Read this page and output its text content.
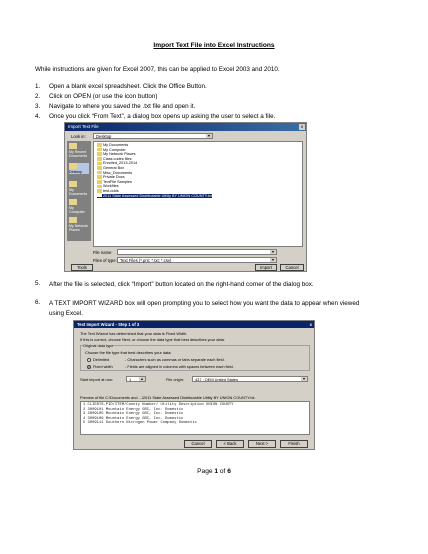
Import Text File into Excel Instructions
While instructions are given for Excel 2007, this can be applied to Excel 2003 and 2010.
1. Open a blank excel spreadsheet. Click the Office Button.
2. Click on OPEN (or use the icon button)
3. Navigate to where you saved the .txt file and open it.
4. Once you click “From Text”, a dialog box opens up asking the user to select a file.
Import Text File	x
Look in:	Desktop	▼
My Recent Documents
Desktop
My Documents
My Computer
My Network Places
My Documents
My Computer
My Network Places
Class codes files
Enrolled_2013-2014
General Box
Misc_Documents
Private Docs
TextFile Samples
Workfiles
test-odds
2011 State Assessed Distributable Utility BY UNION COUNTY.txt
File name:	▼
Files of type: Text Files (*.prn; *.txt; *.csv)	▼
Tools	Import	Cancel
5. After the file is selected, click “Import” button located on the right-hand corner of the dialog box.
6. A TEXT IMPORT WIZARD box will open prompting you to select how you want the data to appear when viewed using Excel.
Text Import Wizard - Step 1 of 3	x
The Text Wizard has determined that your data is Fixed Width.
If this is correct, choose Next, or choose the data type that best describes your data.
Original data type
Choose the file type that best describes your data:
Delimited	- Characters such as commas or tabs separate each field.
Fixed width	- Fields are aligned in columns with spaces between each field.
Start import at row:	1	▲	File origin:	437 : OEM United States	▼
Preview of file C:\Documents and ...\2011 State Assessed Distributable Utility BY UNION COUNTY.txt.
1 CLIENTS-PID/ITEM/County Number/ Utility Description UNION COUNTY
2 3009101 Mountain Energy GRC, Inc. Domestic
3 3009105 Mountain Energy GRC, Inc. Domestic
4 3009109 Mountain Energy GRC, Inc. Domestic
5 3009111 Southern Nitrogen Power Company Domestic
Cancel	< Back	Next >	Finish
Page 1 of 6
